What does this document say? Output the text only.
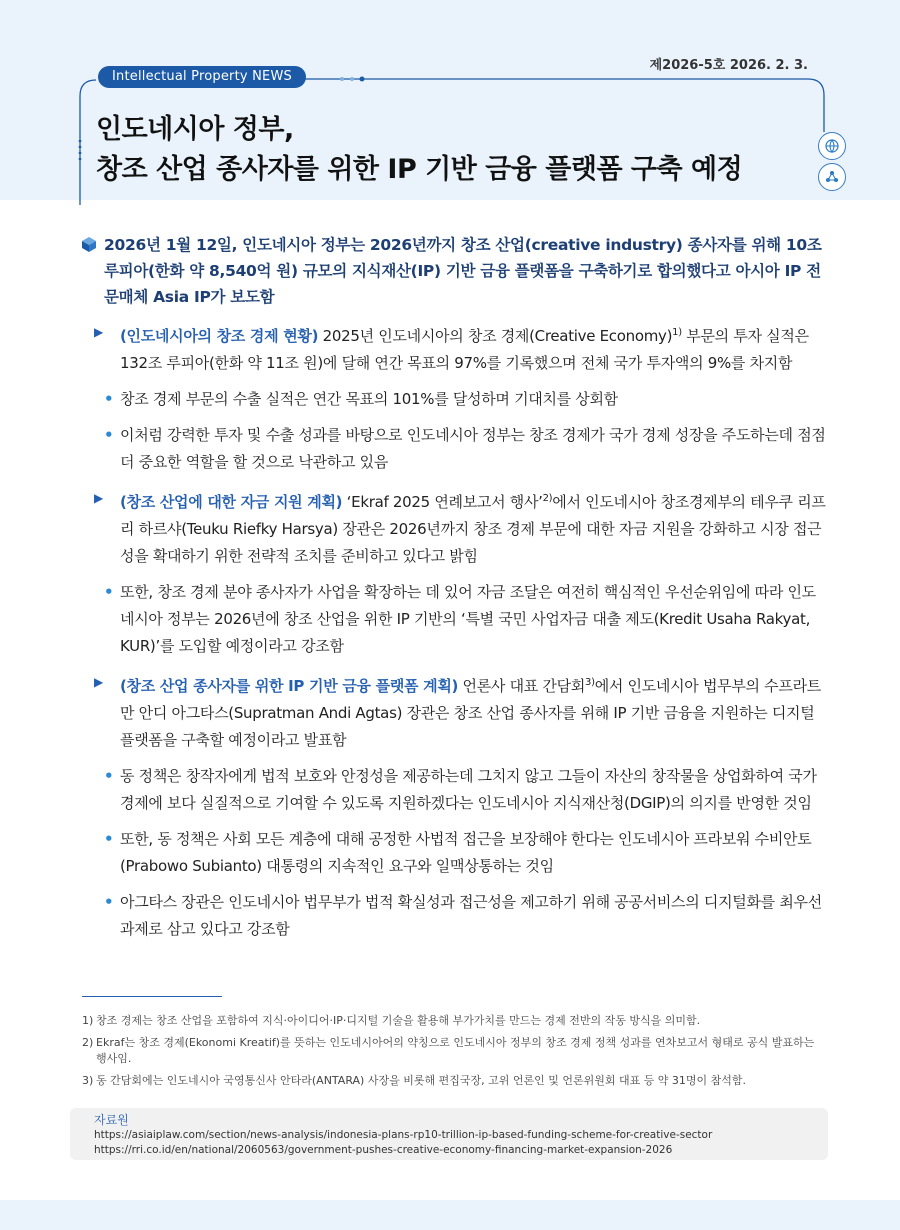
제2026-5호 2026. 2. 3.
Intellectual Property NEWS
인도네시아 정부,
창조 산업 종사자를 위한 IP 기반 금융 플랫폼 구축 예정
2026년 1월 12일, 인도네시아 정부는 2026년까지 창조 산업(creative industry) 종사자를 위해 10조 루피아(한화 약 8,540억 원) 규모의 지식재산(IP) 기반 금융 플랫폼을 구축하기로 합의했다고 아시아 IP 전문매체 Asia IP가 보도함
▶ (인도네시아의 창조 경제 현황) 2025년 인도네시아의 창조 경제(Creative Economy)$^{1)}$ 부문의 투자 실적은 132조 루피아(한화 약 11조 원)에 달해 연간 목표의 97%를 기록했으며 전체 국가 투자액의 9%를 차지함
• 창조 경제 부문의 수출 실적은 연간 목표의 101%를 달성하며 기대치를 상회함
• 이처럼 강력한 투자 및 수출 성과를 바탕으로 인도네시아 정부는 창조 경제가 국가 경제 성장을 주도하는데 점점 더 중요한 역할을 할 것으로 낙관하고 있음
▶ (창조 산업에 대한 자금 지원 계획) ‘Ekraf 2025 연례보고서 행사’$^{2)}$에서 인도네시아 창조경제부의 테우쿠 리프리 하르샤(Teuku Riefky Harsya) 장관은 2026년까지 창조 경제 부문에 대한 자금 지원을 강화하고 시장 접근성을 확대하기 위한 전략적 조치를 준비하고 있다고 밝힘
• 또한, 창조 경제 분야 종사자가 사업을 확장하는 데 있어 자금 조달은 여전히 핵심적인 우선순위임에 따라 인도네시아 정부는 2026년에 창조 산업을 위한 IP 기반의 ‘특별 국민 사업자금 대출 제도(Kredit Usaha Rakyat, KUR)’를 도입할 예정이라고 강조함
▶ (창조 산업 종사자를 위한 IP 기반 금융 플랫폼 계획) 언론사 대표 간담회$^{3)}$에서 인도네시아 법무부의 수프라트만 안디 아그타스(Supratman Andi Agtas) 장관은 창조 산업 종사자를 위해 IP 기반 금융을 지원하는 디지털 플랫폼을 구축할 예정이라고 발표함
• 동 정책은 창작자에게 법적 보호와 안정성을 제공하는데 그치지 않고 그들이 자산의 창작물을 상업화하여 국가 경제에 보다 실질적으로 기여할 수 있도록 지원하겠다는 인도네시아 지식재산청(DGIP)의 의지를 반영한 것임
• 또한, 동 정책은 사회 모든 계층에 대해 공정한 사법적 접근을 보장해야 한다는 인도네시아 프라보워 수비안토(Prabowo Subianto) 대통령의 지속적인 요구와 일맥상통하는 것임
• 아그타스 장관은 인도네시아 법무부가 법적 확실성과 접근성을 제고하기 위해 공공서비스의 디지털화를 최우선 과제로 삼고 있다고 강조함
1) 창조 경제는 창조 산업을 포함하여 지식·아이디어·IP·디지털 기술을 활용해 부가가치를 만드는 경제 전반의 작동 방식을 의미함.
2) Ekraf는 창조 경제(Ekonomi Kreatif)를 뜻하는 인도네시아어의 약칭으로 인도네시아 정부의 창조 경제 정책 성과를 연차보고서 형태로 공식 발표하는 행사임.
3) 동 간담회에는 인도네시아 국영통신사 안타라(ANTARA) 사장을 비롯해 편집국장, 고위 언론인 및 언론위원회 대표 등 약 31명이 참석함.
자료원
https://asiaiplaw.com/section/news-analysis/indonesia-plans-rp10-trillion-ip-based-funding-scheme-for-creative-sector
https://rri.co.id/en/national/2060563/government-pushes-creative-economy-financing-market-expansion-2026
